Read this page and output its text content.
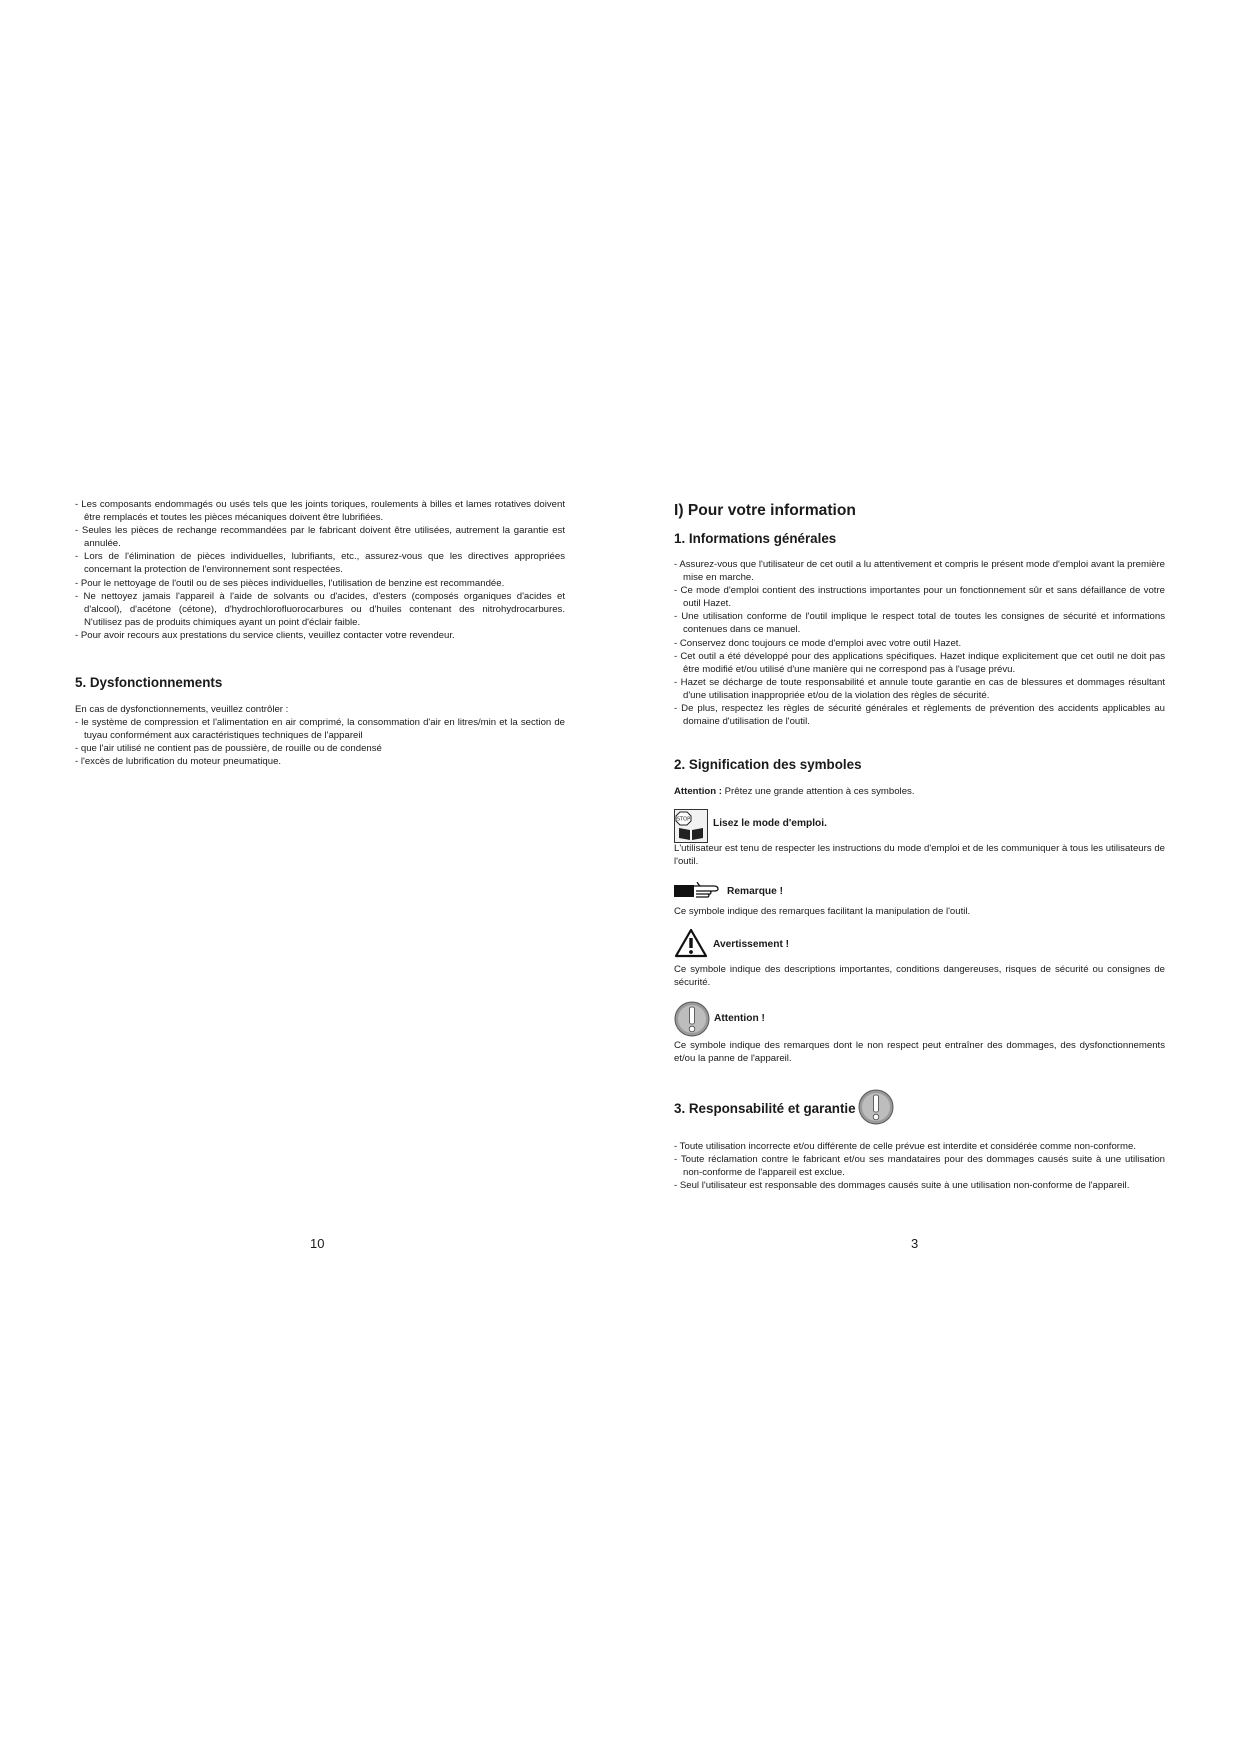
- Les composants endommagés ou usés tels que les joints toriques, roulements à billes et lames rotatives doivent être remplacés et toutes les pièces mécaniques doivent être lubrifiées.
- Seules les pièces de rechange recommandées par le fabricant doivent être utilisées, autrement la garantie est annulée.
- Lors de l'élimination de pièces individuelles, lubrifiants, etc., assurez-vous que les directives appropriées concernant la protection de l'environnement sont respectées.
- Pour le nettoyage de l'outil ou de ses pièces individuelles, l'utilisation de benzine est recommandée.
- Ne nettoyez jamais l'appareil à l'aide de solvants ou d'acides, d'esters (composés organiques d'acides et d'alcool), d'acétone (cétone), d'hydrochlorofluorocarbures ou d'huiles contenant des nitrohydrocarbures. N'utilisez pas de produits chimiques ayant un point d'éclair faible.
- Pour avoir recours aux prestations du service clients, veuillez contacter votre revendeur.
5. Dysfonctionnements

En cas de dysfonctionnements, veuillez contrôler :

- le système de compression et l'alimentation en air comprimé, la consommation d'air en litres/min et la section de tuyau conformément aux caractéristiques techniques de l'appareil
- que l'air utilisé ne contient pas de poussière, de rouille ou de condensé
- l'excès de lubrification du moteur pneumatique.
10
I) Pour votre information
1. Informations générales
- Assurez-vous que l'utilisateur de cet outil a lu attentivement et compris le présent mode d'emploi avant la première mise en marche.
- Ce mode d'emploi contient des instructions importantes pour un fonctionnement sûr et sans défaillance de votre outil Hazet.
- Une utilisation conforme de l'outil implique le respect total de toutes les consignes de sécurité et informations contenues dans ce manuel.
- Conservez donc toujours ce mode d'emploi avec votre outil Hazet.
- Cet outil a été développé pour des applications spécifiques. Hazet indique explicitement que cet outil ne doit pas être modifié et/ou utilisé d'une manière qui ne correspond pas à l'usage prévu.
- Hazet se décharge de toute responsabilité et annule toute garantie en cas de blessures et dommages résultant d'une utilisation inappropriée et/ou de la violation des règles de sécurité.
- De plus, respectez les règles de sécurité générales et règlements de prévention des accidents applicables au domaine d'utilisation de l'outil.
2. Signification des symboles

Attention : Prêtez une grande attention à ces symboles.

STOP Lisez le mode d'emploi.

L'utilisateur est tenu de respecter les instructions du mode d'emploi et de les communiquer à tous les utilisateurs de l'outil.

Remarque !

Ce symbole indique des remarques facilitant la manipulation de l'outil.

Avertissement !

Ce symbole indique des descriptions importantes, conditions dangereuses, risques de sécurité ou consignes de sécurité.

Attention !

Ce symbole indique des remarques dont le non respect peut entraîner des dommages, des dysfonctionnements et/ou la panne de l'appareil.

3. Responsabilité et garantie
- Toute utilisation incorrecte et/ou différente de celle prévue est interdite et considérée comme non-conforme.
- Toute réclamation contre le fabricant et/ou ses mandataires pour des dommages causés suite à une utilisation non-conforme de l'appareil est exclue.
- Seul l'utilisateur est responsable des dommages causés suite à une utilisation non-conforme de l'appareil.
3
